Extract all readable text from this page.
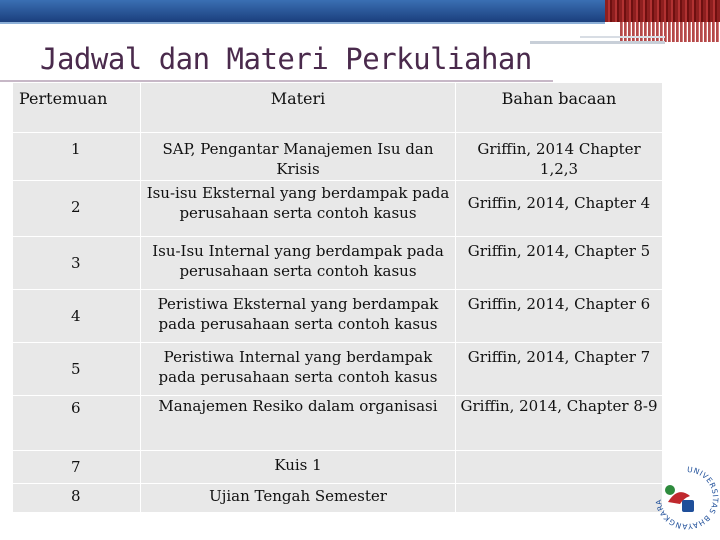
Jadwal dan Materi Perkuliahan
Pertemuan	Materi	Bahan bacaan
1	SAP, Pengantar Manajemen Isu dan Krisis	Griffin, 2014 Chapter 1,2,3
2	Isu-isu Eksternal yang berdampak pada perusahaan serta contoh kasus	Griffin, 2014, Chapter 4
3	Isu-Isu Internal yang berdampak pada perusahaan serta contoh kasus	Griffin, 2014, Chapter 5
4	Peristiwa Eksternal yang berdampak pada perusahaan serta contoh kasus	Griffin, 2014, Chapter 6
5	Peristiwa Internal yang berdampak pada perusahaan serta contoh kasus	Griffin, 2014, Chapter 7
6	Manajemen Resiko dalam organisasi	Griffin, 2014, Chapter 8-9
7	Kuis 1	
8	Ujian Tengah Semester	
UNIVERSITAS BHAYANGKARA
